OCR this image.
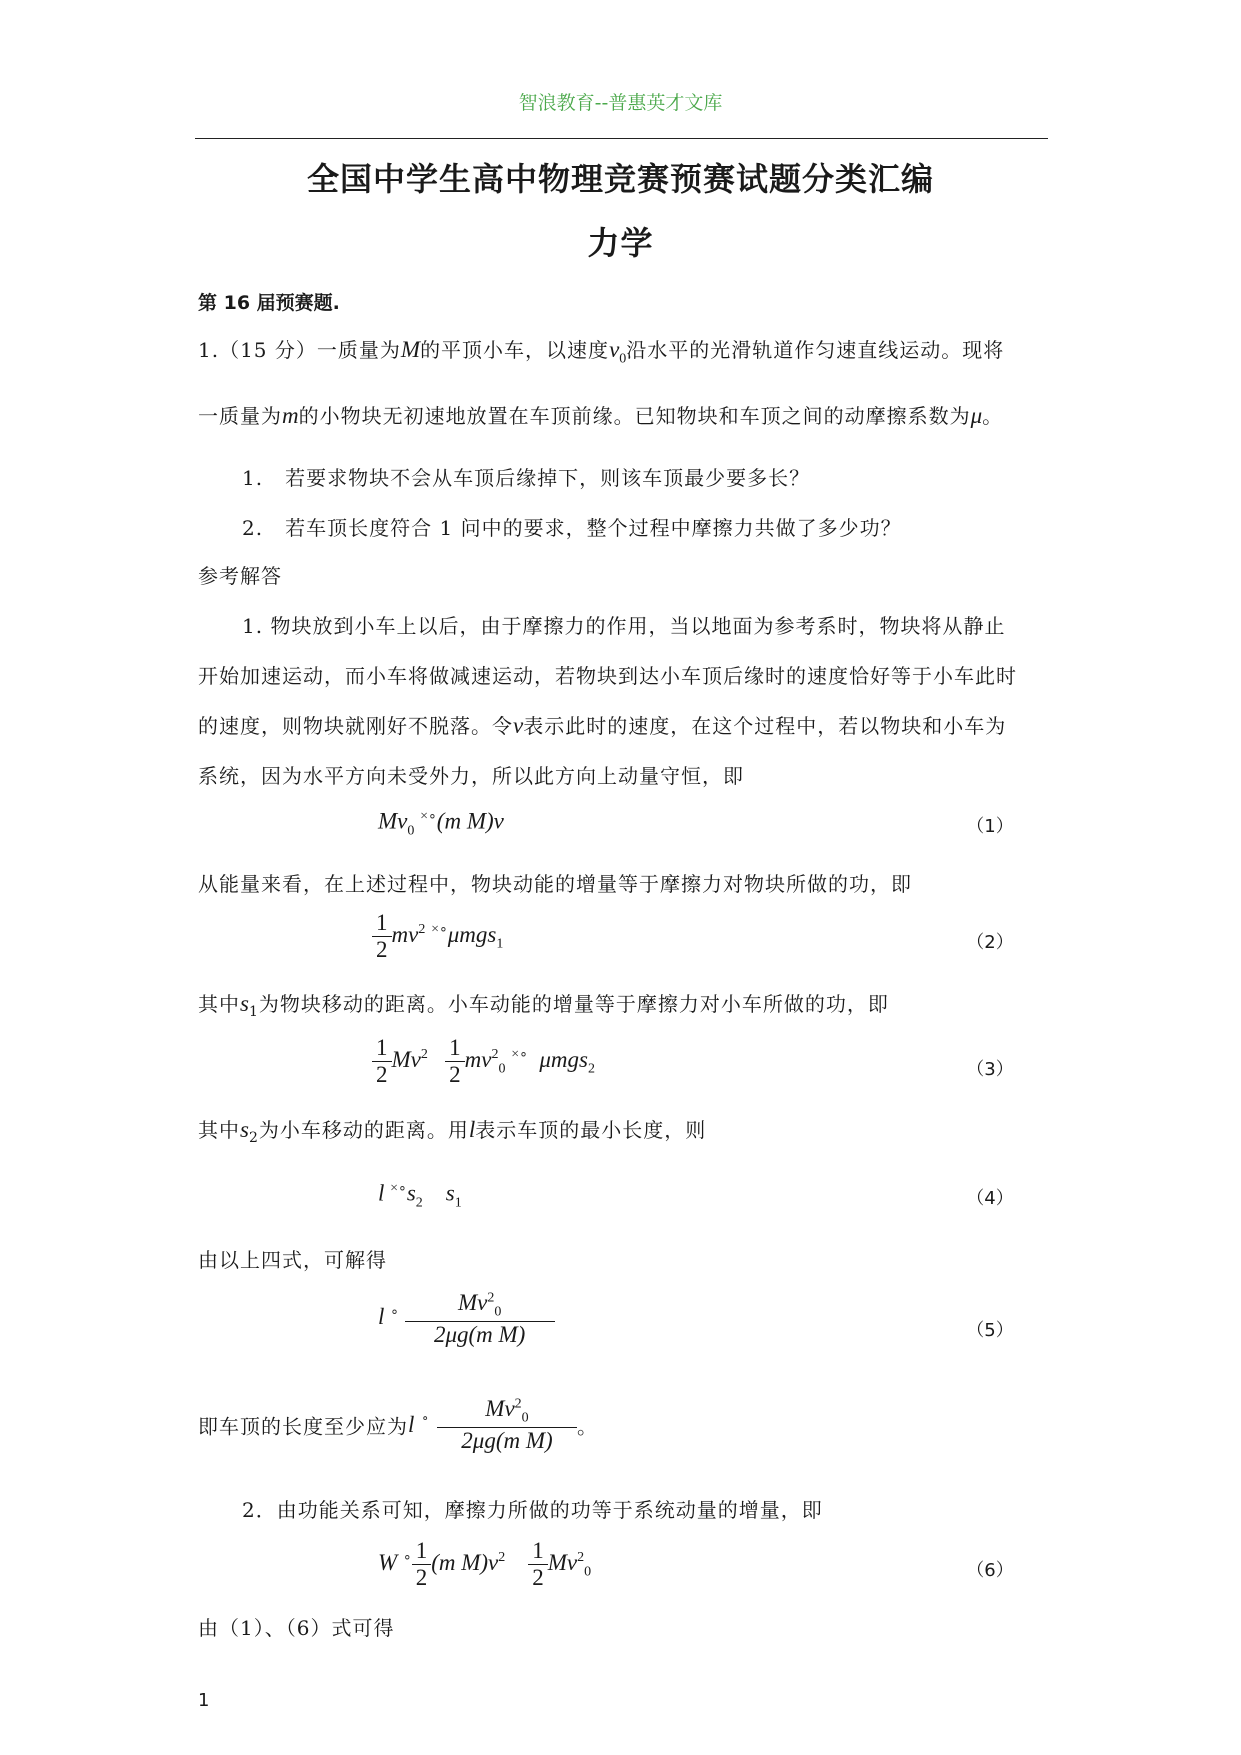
智浪教育--普惠英才文库
全国中学生高中物理竞赛预赛试题分类汇编
力学
第 16 届预赛题.
1.（15 分）一质量为M的平顶小车，以速度$v_0$沿水平的光滑轨道作匀速直线运动。现将
一质量为m的小物块无初速地放置在车顶前缘。已知物块和车顶之间的动摩擦系数为μ。
1. 若要求物块不会从车顶后缘掉下，则该车顶最少要多长？
2. 若车顶长度符合 1 问中的要求，整个过程中摩擦力共做了多少功？
参考解答
1. 物块放到小车上以后，由于摩擦力的作用，当以地面为参考系时，物块将从静止
开始加速运动，而小车将做减速运动，若物块到达小车顶后缘时的速度恰好等于小车此时
的速度，则物块就刚好不脱落。令v表示此时的速度，在这个过程中，若以物块和小车为
系统，因为水平方向未受外力，所以此方向上动量守恒，即
$Mv_0$ ×∘(m M)v	（1）
从能量来看，在上述过程中，物块动能的增量等于摩擦力对物块所做的功，即
$\frac{1}{2} mv^2$ ×∘μmgs$_1$	（2）
其中$s_1$为物块移动的距离。小车动能的增量等于摩擦力对小车所做的功，即
$\frac{1}{2} Mv^2 \frac{1}{2} mv^2_0$ ×∘ μmgs$_2$	（3）
其中$s_2$为小车移动的距离。用l表示车顶的最小长度，则
l $^{\times\circ}s_2$ $s_1$	（4）
由以上四式，可解得
l $^\circ \frac{Mv^2_0}{\text{2μg(m M)}}$	（5）
即车顶的长度至少应为l $^\circ \frac{Mv^2_0}{\text{2μg(m M)}}$ 。
2．由功能关系可知，摩擦力所做的功等于系统动量的增量，即
W $^\circ \frac{1}{2} (m$ $M)v^2 \frac{1}{2} Mv^2_0$	（6）
由（1）、（6）式可得
1
